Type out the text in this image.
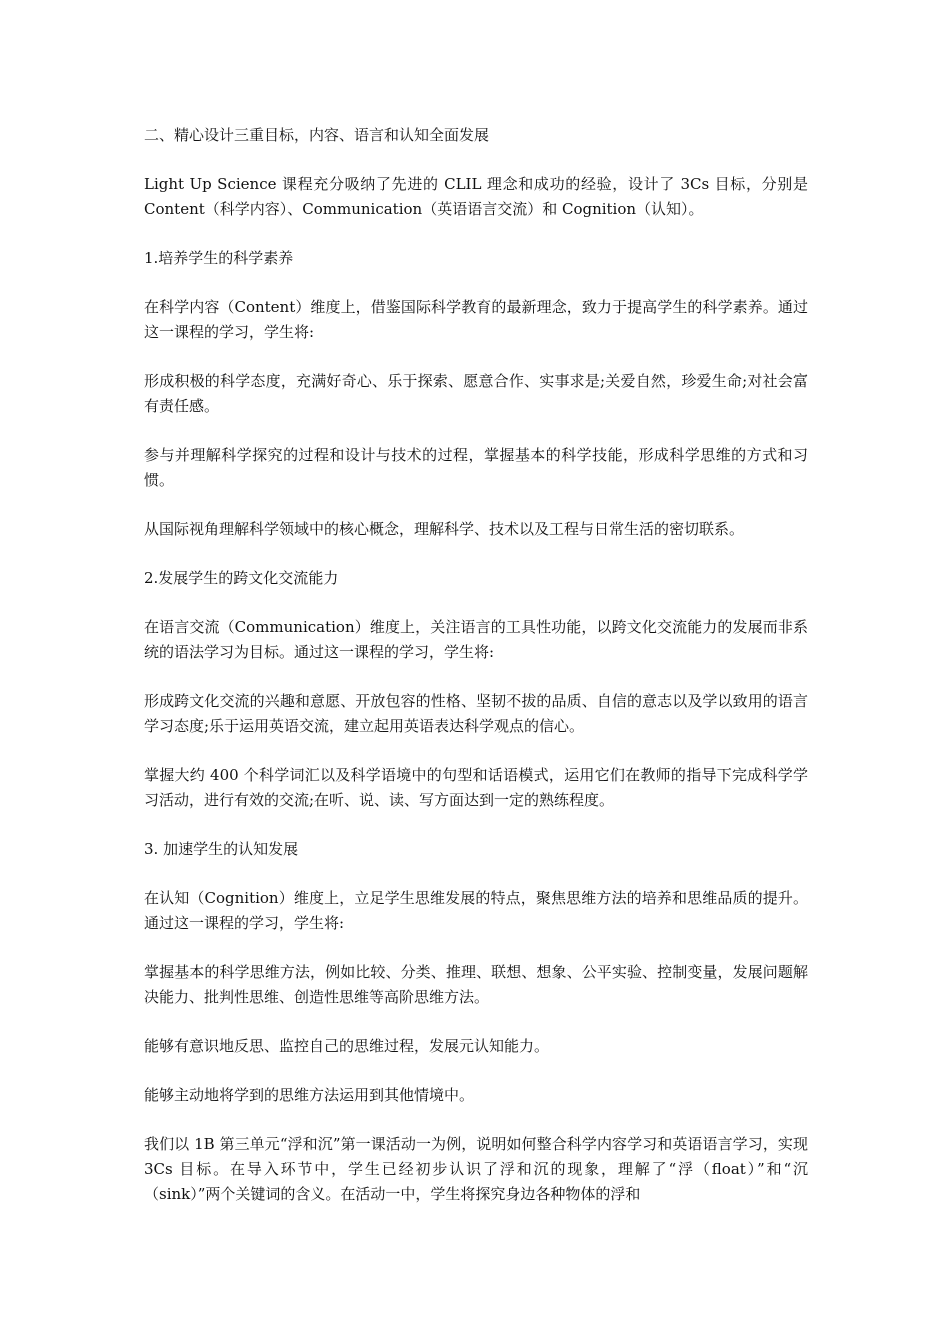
二、精心设计三重目标，内容、语言和认知全面发展

Light Up Science 课程充分吸纳了先进的 CLIL 理念和成功的经验，设计了 3Cs 目标，分别是 Content（科学内容）、Communication（英语语言交流）和 Cognition（认知）。

1.培养学生的科学素养

在科学内容（Content）维度上，借鉴国际科学教育的最新理念，致力于提高学生的科学素养。通过这一课程的学习，学生将:

形成积极的科学态度，充满好奇心、乐于探索、愿意合作、实事求是;关爱自然，珍爱生命;对社会富有责任感。

参与并理解科学探究的过程和设计与技术的过程，掌握基本的科学技能，形成科学思维的方式和习惯。

从国际视角理解科学领域中的核心概念，理解科学、技术以及工程与日常生活的密切联系。

2.发展学生的跨文化交流能力

在语言交流（Communication）维度上，关注语言的工具性功能，以跨文化交流能力的发展而非系统的语法学习为目标。通过这一课程的学习，学生将:

形成跨文化交流的兴趣和意愿、开放包容的性格、坚韧不拔的品质、自信的意志以及学以致用的语言学习态度;乐于运用英语交流，建立起用英语表达科学观点的信心。

掌握大约 400 个科学词汇以及科学语境中的句型和话语模式，运用它们在教师的指导下完成科学学习活动，进行有效的交流;在听、说、读、写方面达到一定的熟练程度。

3. 加速学生的认知发展

在认知（Cognition）维度上，立足学生思维发展的特点，聚焦思维方法的培养和思维品质的提升。通过这一课程的学习，学生将:

掌握基本的科学思维方法，例如比较、分类、推理、联想、想象、公平实验、控制变量，发展问题解决能力、批判性思维、创造性思维等高阶思维方法。

能够有意识地反思、监控自己的思维过程，发展元认知能力。

能够主动地将学到的思维方法运用到其他情境中。

我们以 1B 第三单元“浮和沉”第一课活动一为例，说明如何整合科学内容学习和英语语言学习，实现 3Cs 目标。在导入环节中，学生已经初步认识了浮和沉的现象，理解了“浮（float）”和“沉（sink）”两个关键词的含义。在活动一中，学生将探究身边各种物体的浮和
